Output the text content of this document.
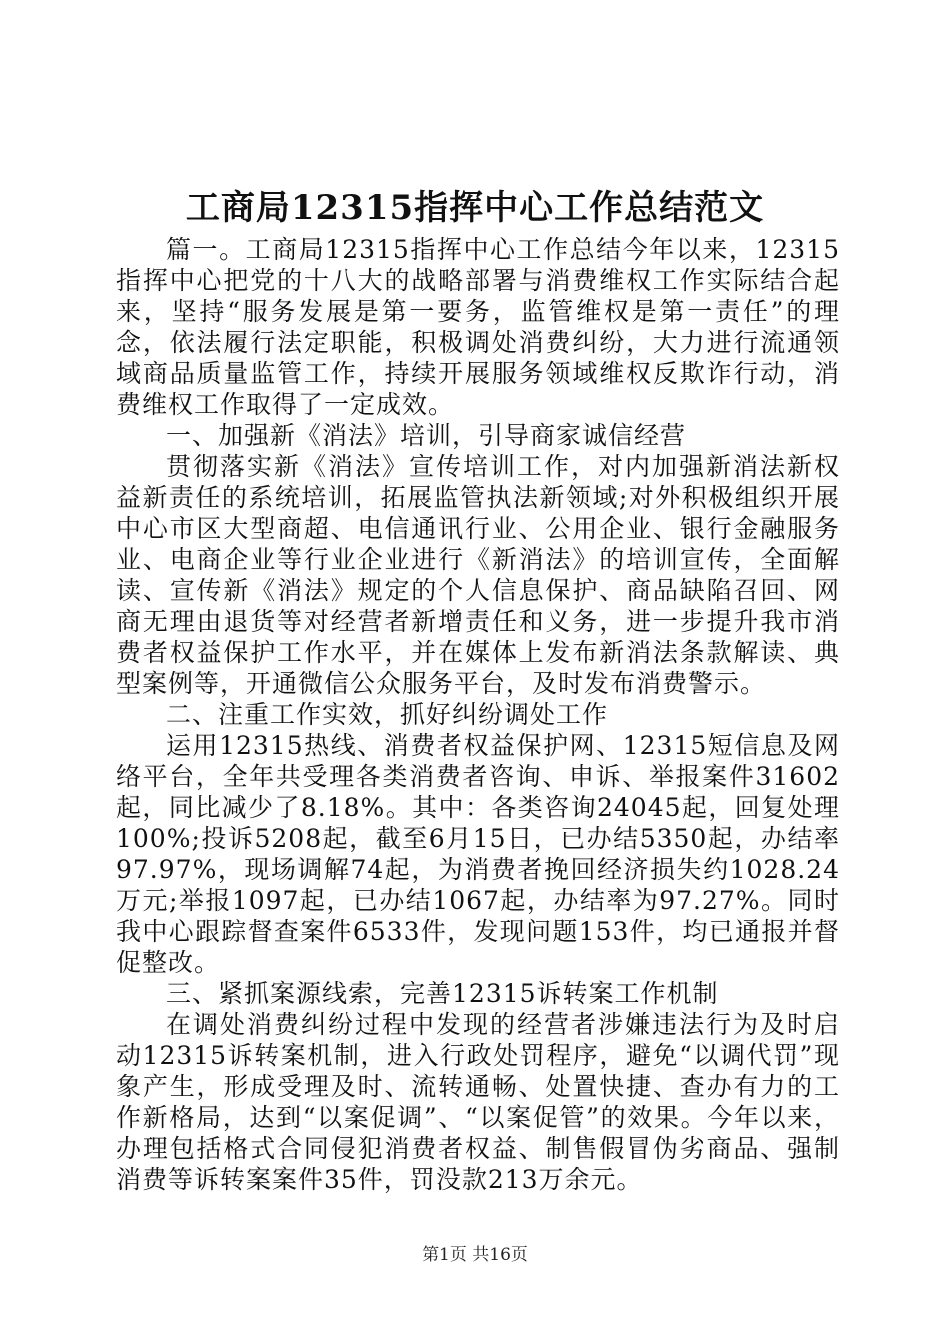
工商局12315指挥中心工作总结范文

篇一。工商局12315指挥中心工作总结今年以来，12315指挥中心把党的十八大的战略部署与消费维权工作实际结合起来，坚持“服务发展是第一要务，监管维权是第一责任”的理念，依法履行法定职能，积极调处消费纠纷，大力进行流通领域商品质量监管工作，持续开展服务领域维权反欺诈行动，消费维权工作取得了一定成效。

一、加强新《消法》培训，引导商家诚信经营

贯彻落实新《消法》宣传培训工作，对内加强新消法新权益新责任的系统培训，拓展监管执法新领域;对外积极组织开展中心市区大型商超、电信通讯行业、公用企业、银行金融服务业、电商企业等行业企业进行《新消法》的培训宣传，全面解读、宣传新《消法》规定的个人信息保护、商品缺陷召回、网商无理由退货等对经营者新增责任和义务，进一步提升我市消费者权益保护工作水平，并在媒体上发布新消法条款解读、典型案例等，开通微信公众服务平台，及时发布消费警示。

二、注重工作实效，抓好纠纷调处工作

运用12315热线、消费者权益保护网、12315短信息及网络平台，全年共受理各类消费者咨询、申诉、举报案件31602起，同比减少了8.18%。其中：各类咨询24045起，回复处理100%;投诉5208起，截至6月15日，已办结5350起，办结率97.97%，现场调解74起，为消费者挽回经济损失约1028.24万元;举报1097起，已办结1067起，办结率为97.27%。同时我中心跟踪督查案件6533件，发现问题153件，均已通报并督促整改。

三、紧抓案源线索，完善12315诉转案工作机制

在调处消费纠纷过程中发现的经营者涉嫌违法行为及时启动12315诉转案机制，进入行政处罚程序，避免“以调代罚”现象产生，形成受理及时、流转通畅、处置快捷、查办有力的工作新格局，达到“以案促调”、“以案促管”的效果。今年以来，办理包括格式合同侵犯消费者权益、制售假冒伪劣商品、强制消费等诉转案案件35件，罚没款213万余元。

第1页 共16页
